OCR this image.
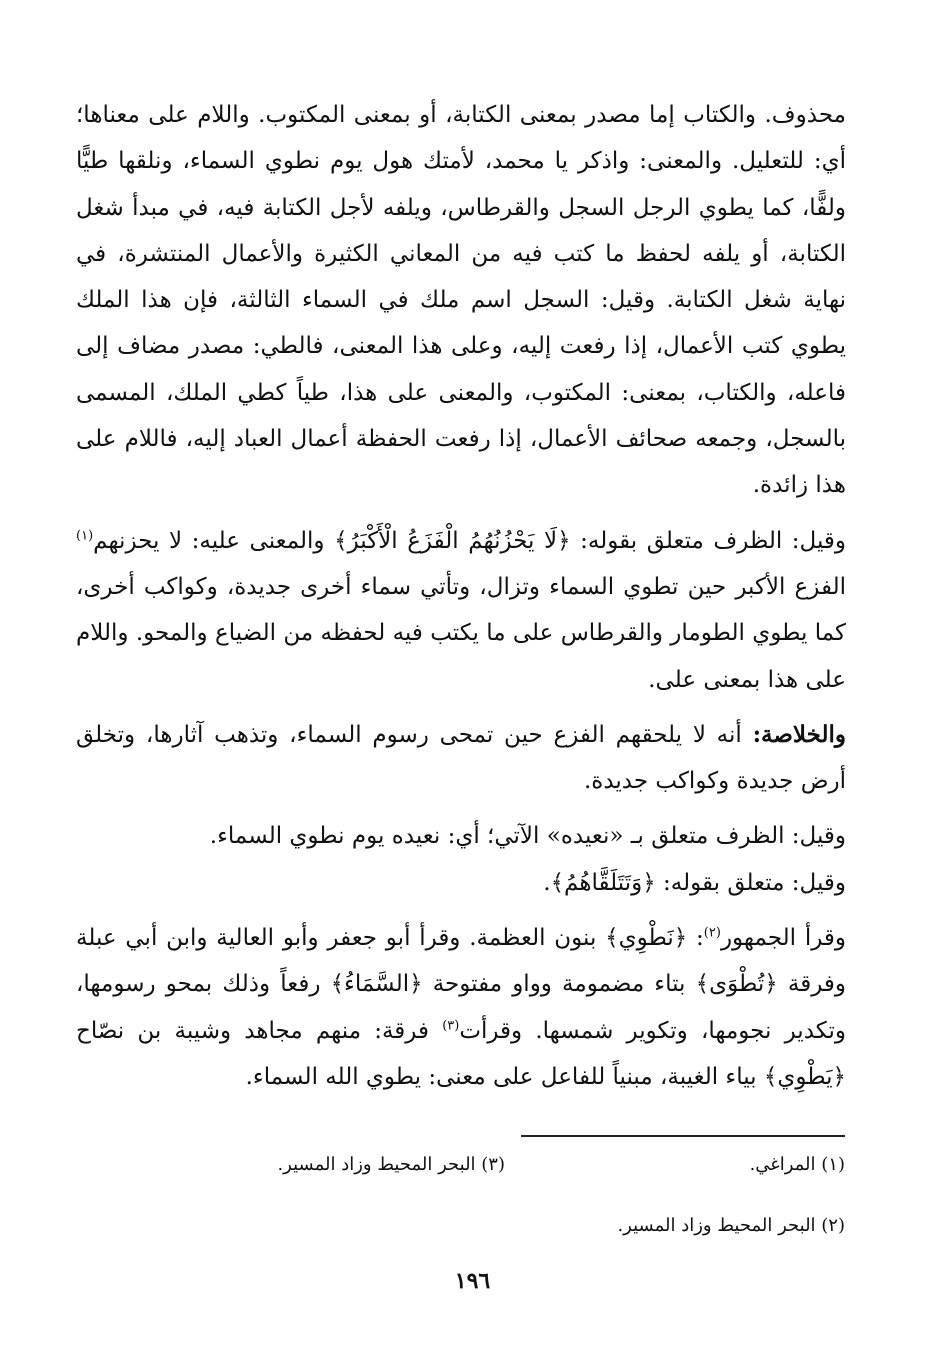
محذوف. والكتاب إما مصدر بمعنى الكتابة، أو بمعنى المكتوب. واللام على معناها؛ أي: للتعليل. والمعنى: واذكر يا محمد، لأمتك هول يوم نطوي السماء، ونلقها طيًّا ولفًّا، كما يطوي الرجل السجل والقرطاس، ويلفه لأجل الكتابة فيه، في مبدأ شغل الكتابة، أو يلفه لحفظ ما كتب فيه من المعاني الكثيرة والأعمال المنتشرة، في نهاية شغل الكتابة. وقيل: السجل اسم ملك في السماء الثالثة، فإن هذا الملك يطوي كتب الأعمال، إذا رفعت إليه، وعلى هذا المعنى، فالطي: مصدر مضاف إلى فاعله، والكتاب، بمعنى: المكتوب، والمعنى على هذا، طياً كطي الملك، المسمى بالسجل، وجمعه صحائف الأعمال، إذا رفعت الحفظة أعمال العباد إليه، فاللام على هذا زائدة.

وقيل: الظرف متعلق بقوله: ﴿لَا يَحْزُنُهُمُ الْفَزَعُ الْأَكْبَرُ﴾ والمعنى عليه: لا يحزنهم$^{(١)}$ الفزع الأكبر حين تطوي السماء وتزال، وتأتي سماء أخرى جديدة، وكواكب أخرى، كما يطوي الطومار والقرطاس على ما يكتب فيه لحفظه من الضياع والمحو. واللام على هذا بمعنى على.

والخلاصة: أنه لا يلحقهم الفزع حين تمحى رسوم السماء، وتذهب آثارها، وتخلق أرض جديدة وكواكب جديدة.

وقيل: الظرف متعلق بـ «نعيده» الآتي؛ أي: نعيده يوم نطوي السماء.
وقيل: متعلق بقوله: ﴿وَتَتَلَقَّاهُمُ﴾.

وقرأ الجمهور$^{(٢)}$: ﴿نَطْوِي﴾ بنون العظمة. وقرأ أبو جعفر وأبو العالية وابن أبي عبلة وفرقة ﴿تُطْوَى﴾ بتاء مضمومة وواو مفتوحة ﴿السَّمَاءُ﴾ رفعاً وذلك بمحو رسومها، وتكدير نجومها، وتكوير شمسها. وقرأت$^{(٣)}$ فرقة: منهم مجاهد وشيبة بن نصّاح ﴿يَطْوِي﴾ بياء الغيبة، مبنياً للفاعل على معنى: يطوي الله السماء.

(١) المراغي.
(٣) البحر المحيط وزاد المسير.
(٢) البحر المحيط وزاد المسير.
١٩٦
